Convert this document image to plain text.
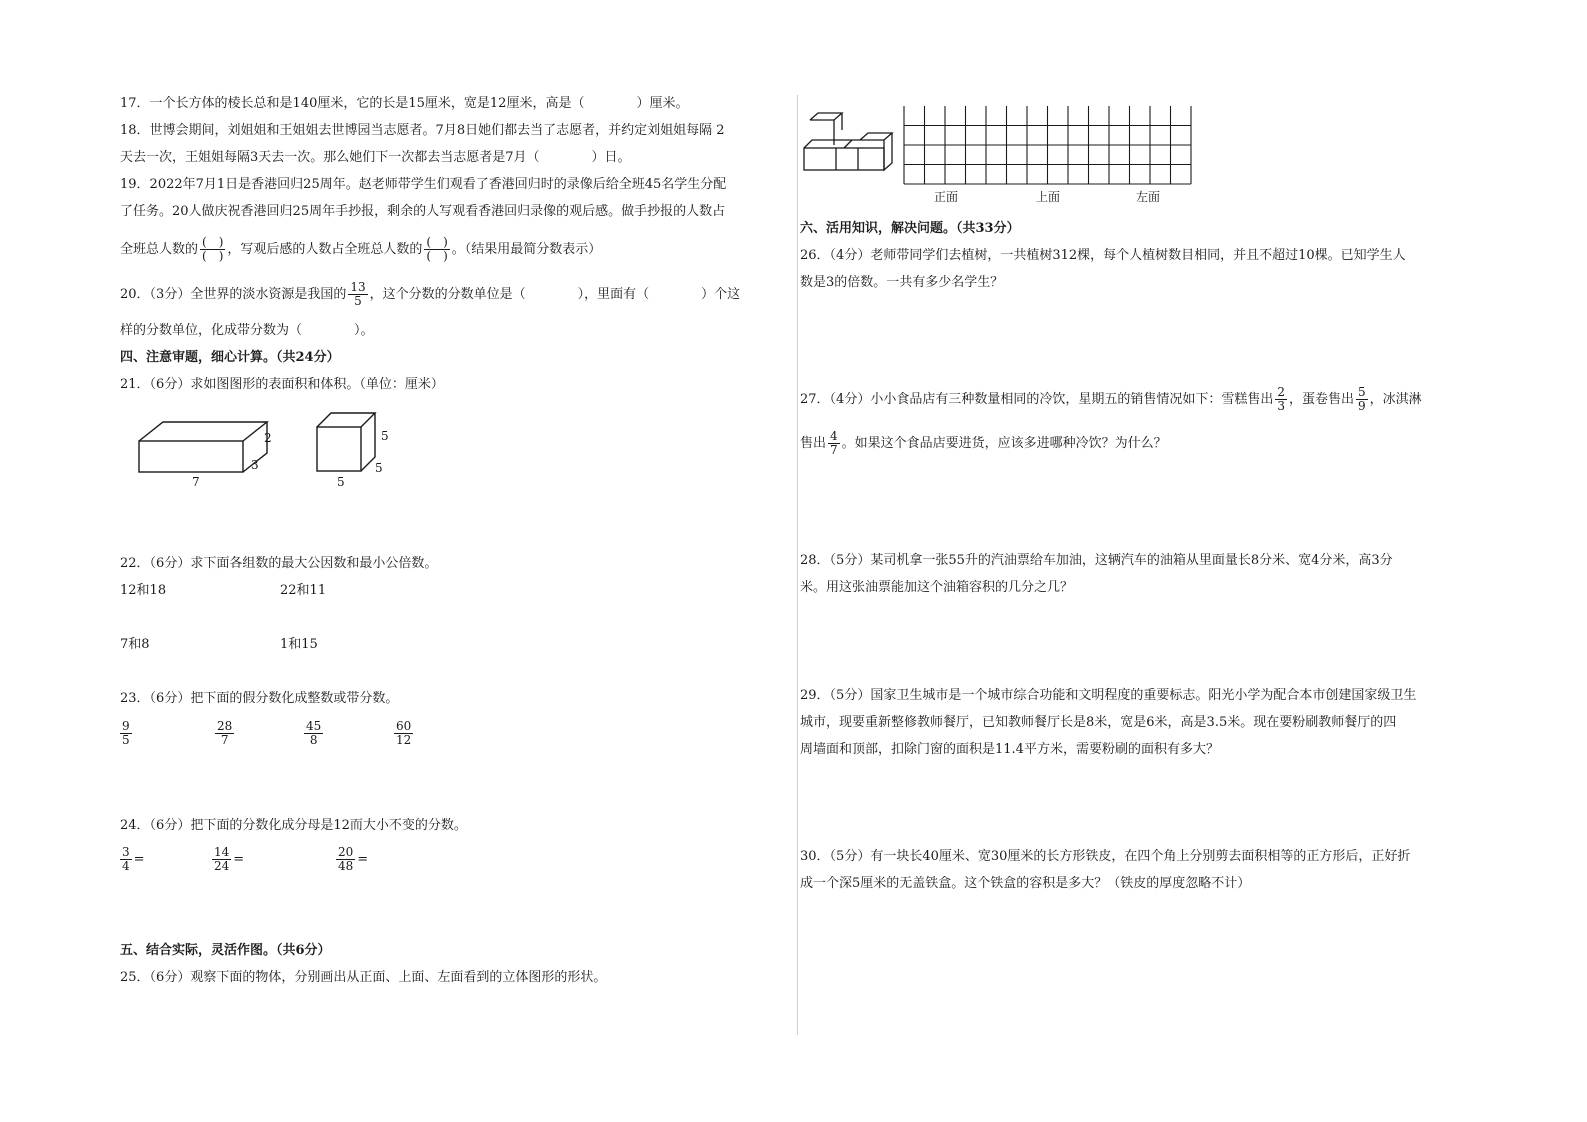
17．一个长方体的棱长总和是140厘米，它的长是15厘米，宽是12厘米，高是（　　　　）厘米。
18．世博会期间，刘姐姐和王姐姐去世博园当志愿者。7月8日她们都去当了志愿者，并约定刘姐姐每隔 2
天去一次，王姐姐每隔3天去一次。那么她们下一次都去当志愿者是7月（　　　　）日。
19．2022年7月1日是香港回归25周年。赵老师带学生们观看了香港回归时的录像后给全班45名学生分配
了任务。20人做庆祝香港回归25周年手抄报，剩余的人写观看香港回归录像的观后感。做手抄报的人数占
全班总人数的 $\frac{( )}{( )}$ ，写观后感的人数占全班总人数的 $\frac{( )}{( )}$ 。（结果用最简分数表示）
20．（3分）全世界的淡水资源是我国的 $\frac{13}{5}$ ，这个分数的分数单位是（　　　　），里面有（　　　　）个这
样的分数单位，化成带分数为（　　　　）。
四、注意审题，细心计算。（共24分）
21．（6分）求如图图形的表面积和体积。（单位：厘米）
2
3
7
5
5
5
22．（6分）求下面各组数的最大公因数和最小公倍数。
12和18	22和11
7和8	1和15
23．（6分）把下面的假分数化成整数或带分数。
$\frac{9}{5}$	$\frac{28}{7}$	$\frac{45}{8}$	$\frac{60}{12}$
24．（6分）把下面的分数化成分母是12而大小不变的分数。
$\frac{3}{4}$ =	$\frac{14}{24}$ =	$\frac{20}{48}$ =
五、结合实际，灵活作图。（共6分）
25．（6分）观察下面的物体，分别画出从正面、上面、左面看到的立体图形的形状。
正面	上面	左面
六、活用知识，解决问题。（共33分）
26．（4分）老师带同学们去植树，一共植树312棵，每个人植树数目相同，并且不超过10棵。已知学生人
数是3的倍数。一共有多少名学生？
27．（4分）小小食品店有三种数量相同的冷饮，星期五的销售情况如下：雪糕售出 $\frac{2}{3}$ ，蛋卷售出 $\frac{5}{9}$ ，冰淇淋
售出 $\frac{4}{7}$ 。如果这个食品店要进货，应该多进哪种冷饮？为什么？
28．（5分）某司机拿一张55升的汽油票给车加油，这辆汽车的油箱从里面量长8分米、宽4分米，高3分
米。用这张油票能加这个油箱容积的几分之几？
29．（5分）国家卫生城市是一个城市综合功能和文明程度的重要标志。阳光小学为配合本市创建国家级卫生
城市，现要重新整修教师餐厅，已知教师餐厅长是8米，宽是6米，高是3.5米。现在要粉刷教师餐厅的四
周墙面和顶部，扣除门窗的面积是11.4平方米，需要粉刷的面积有多大？
30．（5分）有一块长40厘米、宽30厘米的长方形铁皮，在四个角上分别剪去面积相等的正方形后，正好折
成一个深5厘米的无盖铁盒。这个铁盒的容积是多大？（铁皮的厚度忽略不计）
